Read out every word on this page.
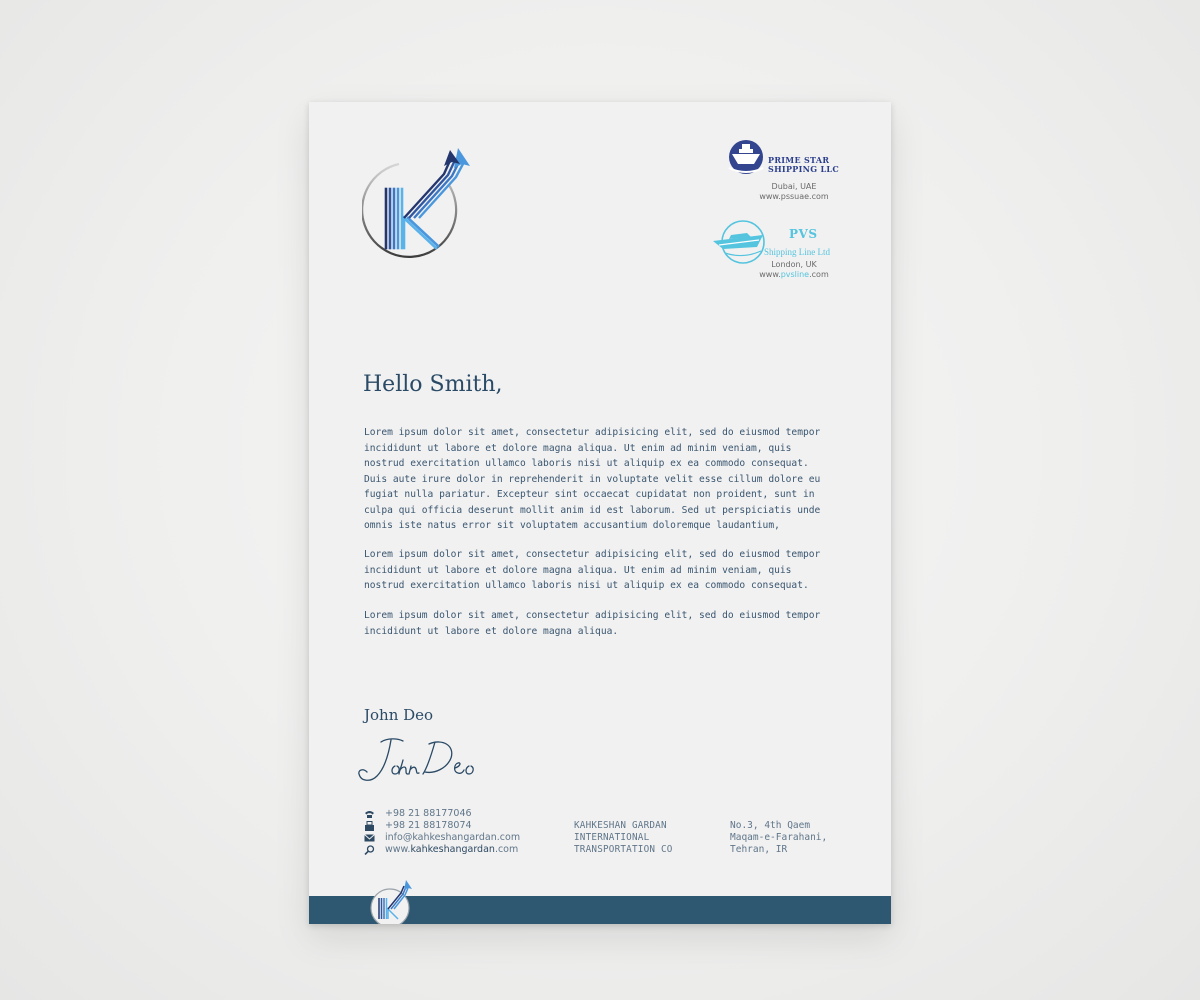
PRIME STAR
SHIPPING LLC
Dubai, UAE
www.pssuae.com
PVS
Shipping Line Ltd
London, UK
www.pvsline.com
Hello Smith,

Lorem ipsum dolor sit amet, consectetur adipisicing elit, sed do eiusmod tempor incididunt ut labore et dolore magna aliqua. Ut enim ad minim veniam, quis nostrud exercitation ullamco laboris nisi ut aliquip ex ea commodo consequat. Duis aute irure dolor in reprehenderit in voluptate velit esse cillum dolore eu fugiat nulla pariatur. Excepteur sint occaecat cupidatat non proident, sunt in culpa qui officia deserunt mollit anim id est laborum. Sed ut perspiciatis unde omnis iste natus error sit voluptatem accusantium doloremque laudantium,

Lorem ipsum dolor sit amet, consectetur adipisicing elit, sed do eiusmod tempor incididunt ut labore et dolore magna aliqua. Ut enim ad minim veniam, quis nostrud exercitation ullamco laboris nisi ut aliquip ex ea commodo consequat.

Lorem ipsum dolor sit amet, consectetur adipisicing elit, sed do eiusmod tempor incididunt ut labore et dolore magna aliqua.

John Deo
+98 21 88177046
+98 21 88178074
info@kahkeshangardan.com
www.kahkeshangardan.com
KAHKESHAN GARDAN
INTERNATIONAL
TRANSPORTATION CO
No.3, 4th Qaem
Maqam-e-Farahani,
Tehran, IR
